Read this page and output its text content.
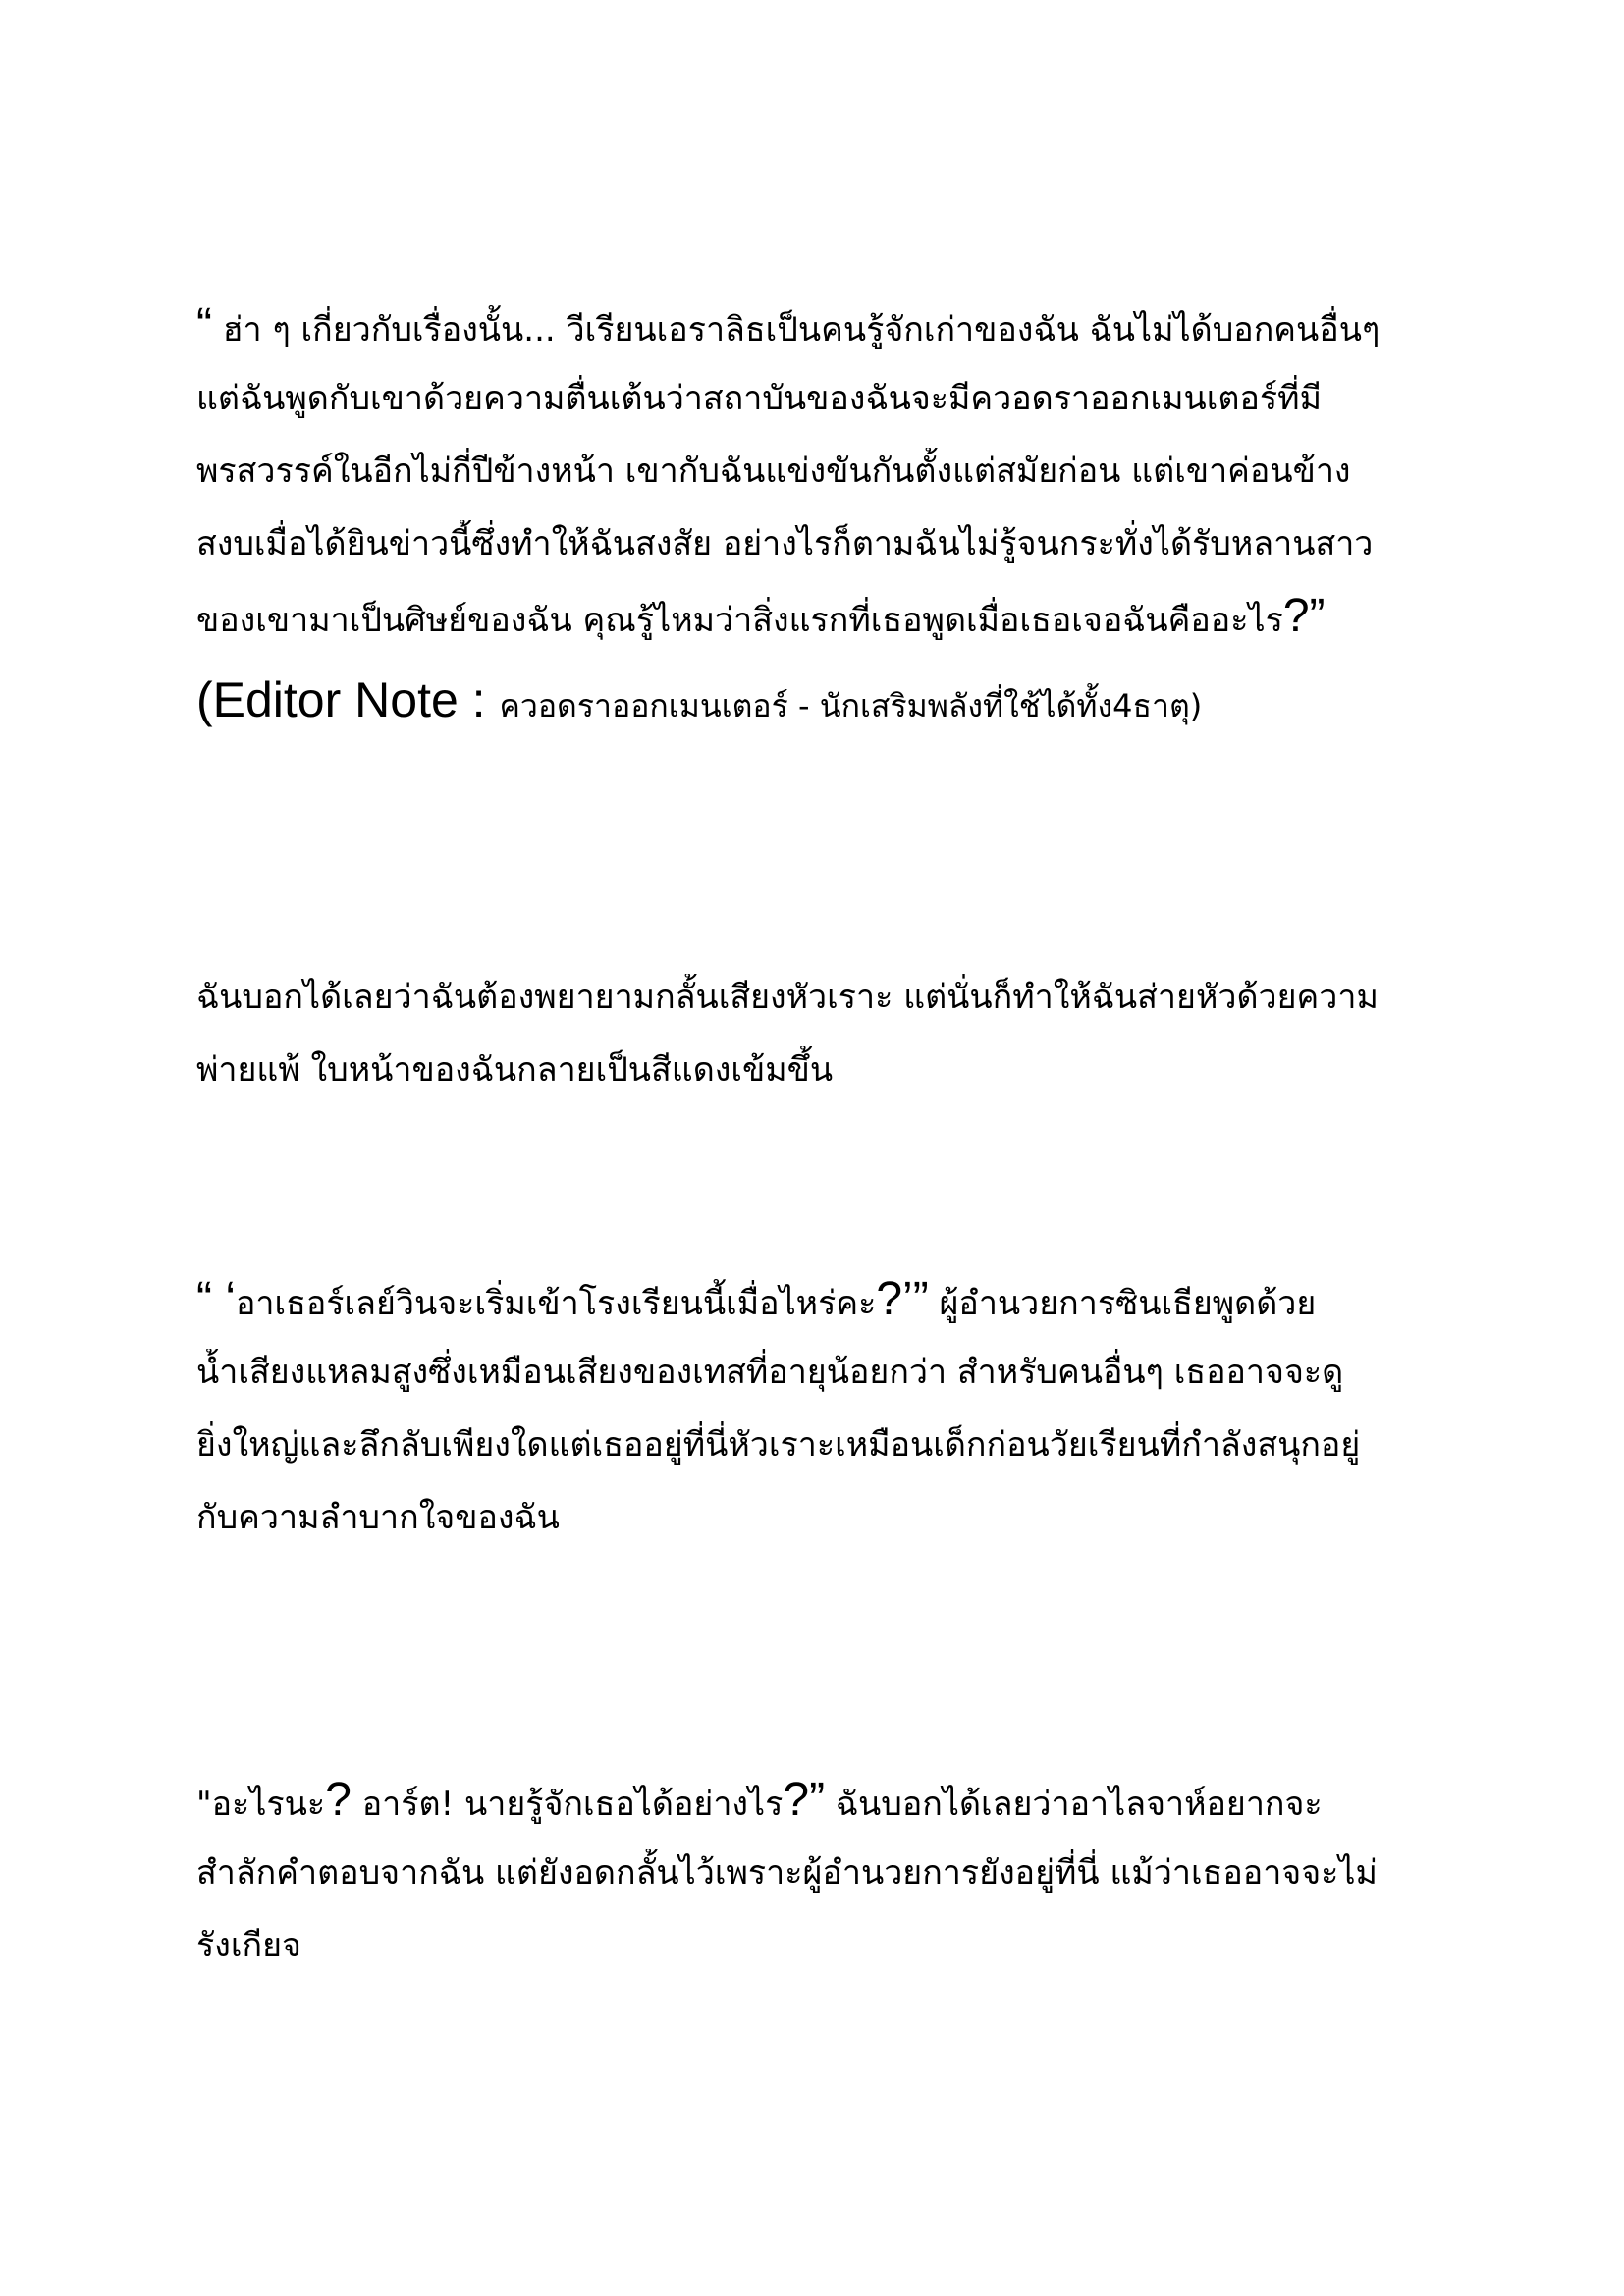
“ ฮ่า ๆ เกี่ยวกับเรื่องนั้น... วีเรียนเอราลิธเป็นคนรู้จักเก่าของฉัน ฉันไม่ได้บอกคนอื่นๆ
แต่ฉันพูดกับเขาด้วยความตื่นเต้นว่าสถาบันของฉันจะมีควอดราออกเมนเตอร์ที่มี
พรสวรรค์ในอีกไม่กี่ปีข้างหน้า เขากับฉันแข่งขันกันตั้งแต่สมัยก่อน แต่เขาค่อนข้าง
สงบเมื่อได้ยินข่าวนี้ซึ่งทำให้ฉันสงสัย อย่างไรก็ตามฉันไม่รู้จนกระทั่งได้รับหลานสาว
ของเขามาเป็นศิษย์ของฉัน คุณรู้ไหมว่าสิ่งแรกที่เธอพูดเมื่อเธอเจอฉันคืออะไร?”
(Editor Note : ควอดราออกเมนเตอร์ - นักเสริมพลังที่ใช้ได้ทั้ง4ธาตุ)
ฉันบอกได้เลยว่าฉันต้องพยายามกลั้นเสียงหัวเราะ แต่นั่นก็ทำให้ฉันส่ายหัวด้วยความ
พ่ายแพ้ ใบหน้าของฉันกลายเป็นสีแดงเข้มขึ้น
“ ‘อาเธอร์เลย์วินจะเริ่มเข้าโรงเรียนนี้เมื่อไหร่คะ?’” ผู้อำนวยการซินเธียพูดด้วย
น้ำเสียงแหลมสูงซึ่งเหมือนเสียงของเทสที่อายุน้อยกว่า สำหรับคนอื่นๆ เธออาจจะดู
ยิ่งใหญ่และลึกลับเพียงใดแต่เธออยู่ที่นี่หัวเราะเหมือนเด็กก่อนวัยเรียนที่กำลังสนุกอยู่
กับความลำบากใจของฉัน
"อะไรนะ? อาร์ต! นายรู้จักเธอได้อย่างไร?” ฉันบอกได้เลยว่าอาไลจาห์อยากจะ
สำลักคำตอบจากฉัน แต่ยังอดกลั้นไว้เพราะผู้อำนวยการยังอยู่ที่นี่ แม้ว่าเธออาจจะไม่
รังเกียจ
